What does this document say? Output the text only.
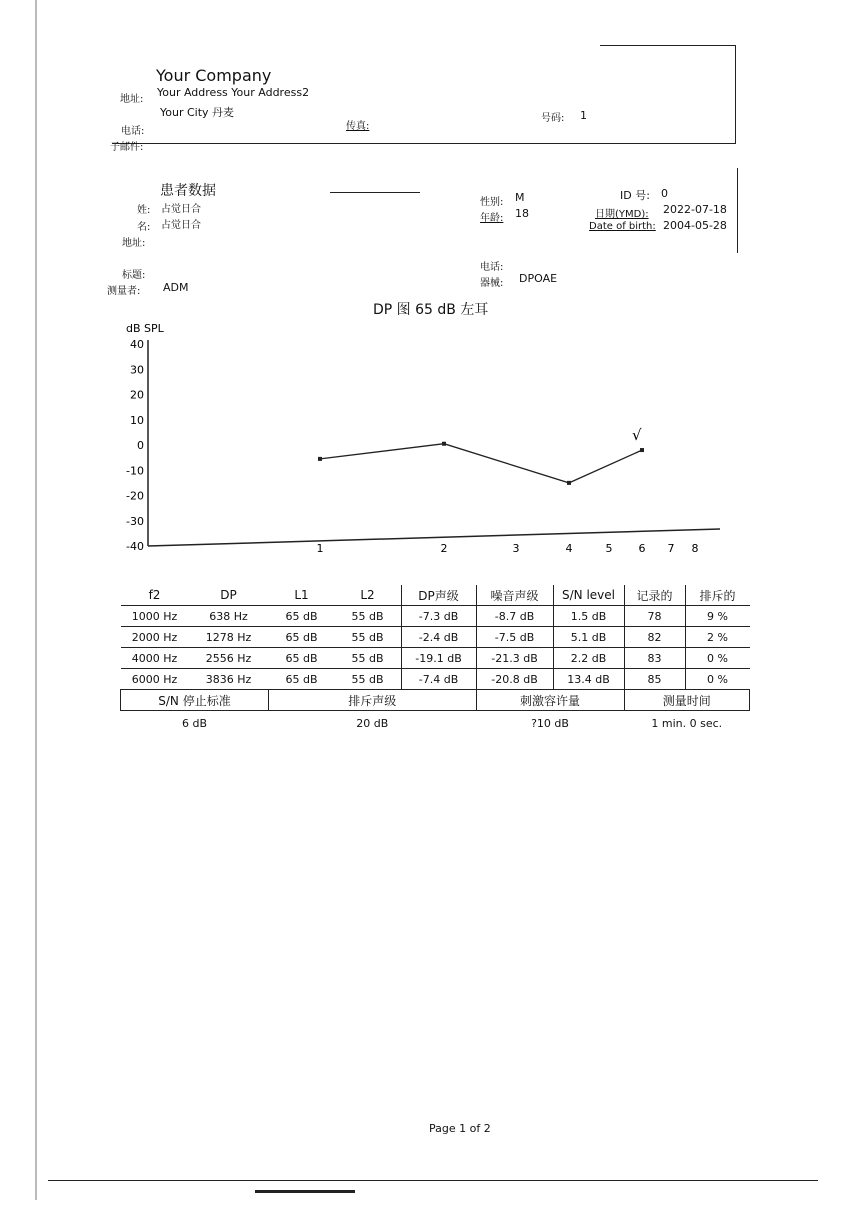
Your Company
地址:
Your Address Your Address2
Your City 丹麦
电话:	传真:
子邮件:
号码: 1
患者数据
姓: 占觉日合
名: 占觉日合
地址:
标题:
测量者: ADM
性别: M
年龄: 18
电话:
器械: DPOAE
ID 号: 0
日期(YMD): 2022-07-18
Date of birth: 2004-05-28
DP 图 65 dB 左耳
dB SPL
40
30
20
10
0
-10
-20
-30
-40	1	2	3	4	5 6 7 8
√
f2	DP	L1	L2	DP声级	噪音声级	S/N level	记录的	排斥的
1000 Hz	638 Hz	65 dB	55 dB	-7.3 dB	-8.7 dB	1.5 dB	78	9 %
2000 Hz	1278 Hz	65 dB	55 dB	-2.4 dB	-7.5 dB	5.1 dB	82	2 %
4000 Hz	2556 Hz	65 dB	55 dB	-19.1 dB	-21.3 dB	2.2 dB	83	0 %
6000 Hz	3836 Hz	65 dB	55 dB	-7.4 dB	-20.8 dB	13.4 dB	85	0 %
S/N 停止标准		排斥声级			刺激容许量		测量时间	
6 dB		20 dB			?10 dB		1 min. 0 sec.	
Page 1 of 2
